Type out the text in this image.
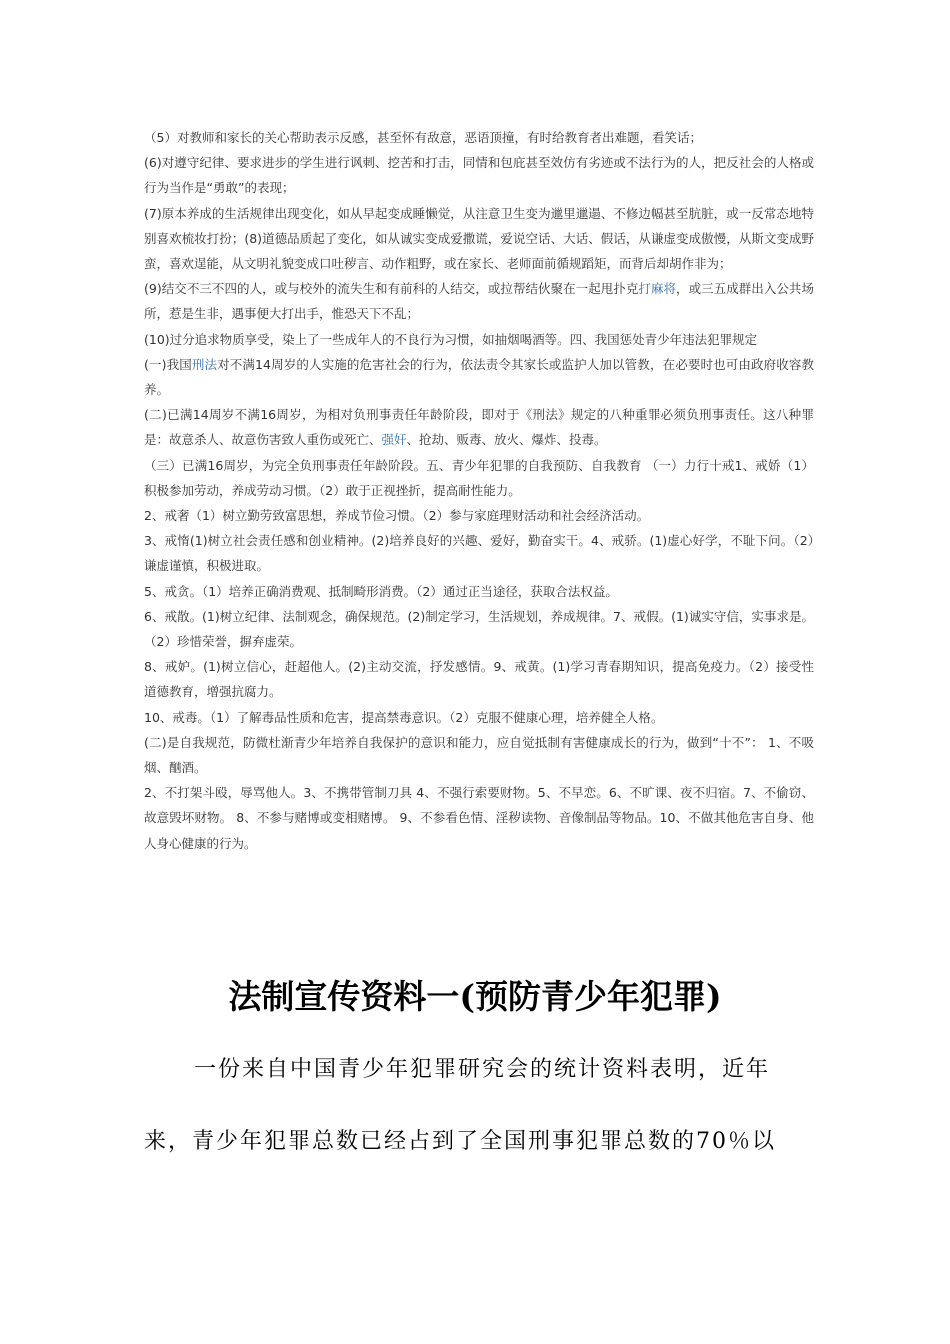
（5）对教师和家长的关心帮助表示反感，甚至怀有敌意，恶语顶撞，有时给教育者出难题，看笑话；

(6)对遵守纪律、要求进步的学生进行讽刺、挖苦和打击，同情和包庇甚至效仿有劣迹或不法行为的人，把反社会的人格或行为当作是“勇敢”的表现；

(7)原本养成的生活规律出现变化，如从早起变成睡懒觉，从注意卫生变为邋里邋遢、不修边幅甚至肮脏，或一反常态地特别喜欢梳妆打扮；(8)道德品质起了变化，如从诚实变成爱撒谎，爱说空话、大话、假话，从谦虚变成傲慢，从斯文变成野蛮，喜欢逞能，从文明礼貌变成口吐秽言、动作粗野，或在家长、老师面前循规蹈矩，而背后却胡作非为；

(9)结交不三不四的人，或与校外的流失生和有前科的人结交，或拉帮结伙聚在一起甩扑克打麻将，或三五成群出入公共场所，惹是生非，遇事便大打出手，惟恐天下不乱；

(10)过分追求物质享受，染上了一些成年人的不良行为习惯，如抽烟喝酒等。四、我国惩处青少年违法犯罪规定

(一)我国刑法对不满14周岁的人实施的危害社会的行为，依法责令其家长或监护人加以管教，在必要时也可由政府收容教养。

(二)已满14周岁不满16周岁，为相对负刑事责任年龄阶段，即对于《刑法》规定的八种重罪必须负刑事责任。这八种罪是：故意杀人、故意伤害致人重伤或死亡、强奸、抢劫、贩毒、放火、爆炸、投毒。

（三）已满16周岁，为完全负刑事责任年龄阶段。五、青少年犯罪的自我预防、自我教育 （一）力行十戒1、戒娇（1）积极参加劳动，养成劳动习惯。（2）敢于正视挫折，提高耐性能力。

2、戒奢（1）树立勤劳致富思想，养成节俭习惯。（2）参与家庭理财活动和社会经济活动。

3、戒惰(1)树立社会责任感和创业精神。(2)培养良好的兴趣、爱好，勤奋实干。4、戒骄。(1)虚心好学，不耻下问。（2）谦虚谨慎，积极进取。

5、戒贪。（1）培养正确消费观、抵制畸形消费。（2）通过正当途径，获取合法权益。

6、戒散。(1)树立纪律、法制观念，确保规范。(2)制定学习，生活规划，养成规律。7、戒假。(1)诚实守信，实事求是。（2）珍惜荣誉，摒弃虚荣。

8、戒妒。(1)树立信心，赶超他人。(2)主动交流，抒发感情。9、戒黄。(1)学习青春期知识，提高免疫力。（2）接受性道德教育，增强抗腐力。

10、戒毒。（1）了解毒品性质和危害，提高禁毒意识。（2）克服不健康心理，培养健全人格。

(二)是自我规范，防微杜渐青少年培养自我保护的意识和能力，应自觉抵制有害健康成长的行为，做到“十不”： 1、不吸烟、酗酒。

2、不打架斗殴，辱骂他人。3、不携带管制刀具 4、不强行索要财物。5、不早恋。6、不旷课、夜不归宿。7、不偷窃、故意毁坏财物。 8、不参与赌博或变相赌博。 9、不参看色情、淫秽读物、音像制品等物品。10、不做其他危害自身、他人身心健康的行为。

法制宣传资料一(预防青少年犯罪)

一份来自中国青少年犯罪研究会的统计资料表明，近年

来，青少年犯罪总数已经占到了全国刑事犯罪总数的70％以
